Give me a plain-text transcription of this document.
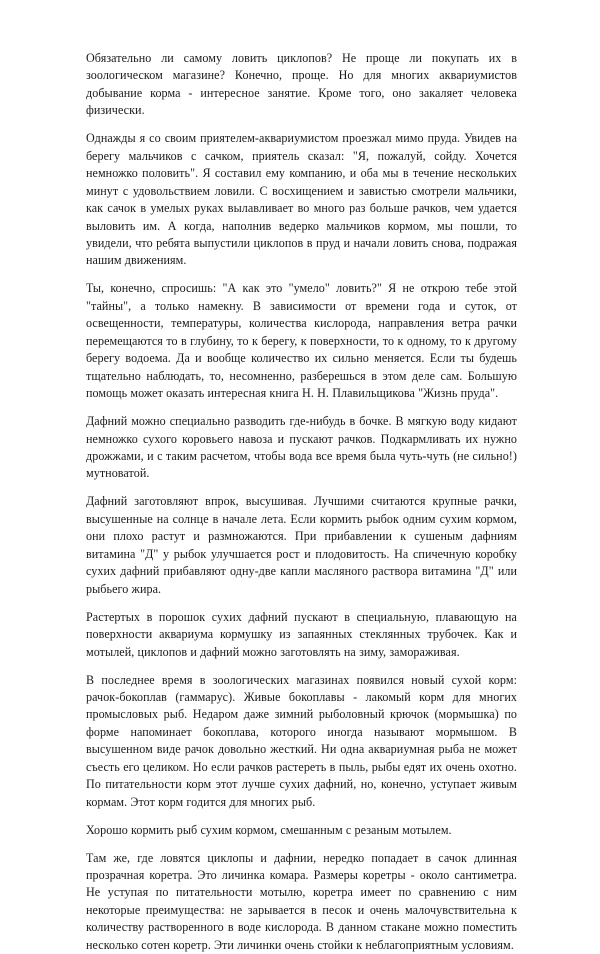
Обязательно ли самому ловить циклопов? Не проще ли покупать их в зоологическом магазине? Конечно, проще. Но для многих аквариумистов добывание корма - интересное занятие. Кроме того, оно закаляет человека физически.

Однажды я со своим приятелем-аквариумистом проезжал мимо пруда. Увидев на берегу мальчиков с сачком, приятель сказал: "Я, пожалуй, сойду. Хочется немножко половить". Я составил ему компанию, и оба мы в течение нескольких минут с удовольствием ловили. С восхищением и завистью смотрели мальчики, как сачок в умелых руках вылавливает во много раз больше рачков, чем удается выловить им. А когда, наполнив ведерко мальчиков кормом, мы пошли, то увидели, что ребята выпустили циклопов в пруд и начали ловить снова, подражая нашим движениям.

Ты, конечно, спросишь: "А как это "умело" ловить?" Я не открою тебе этой "тайны", а только намекну. В зависимости от времени года и суток, от освещенности, температуры, количества кислорода, направления ветра рачки перемещаются то в глубину, то к берегу, к поверхности, то к одному, то к другому берегу водоема. Да и вообще количество их сильно меняется. Если ты будешь тщательно наблюдать, то, несомненно, разберешься в этом деле сам. Большую помощь может оказать интересная книга Н. Н. Плавильщикова "Жизнь пруда".

Дафний можно специально разводить где-нибудь в бочке. В мягкую воду кидают немножко сухого коровьего навоза и пускают рачков. Подкармливать их нужно дрожжами, и с таким расчетом, чтобы вода все время была чуть-чуть (не сильно!) мутноватой.

Дафний заготовляют впрок, высушивая. Лучшими считаются крупные рачки, высушенные на солнце в начале лета. Если кормить рыбок одним сухим кормом, они плохо растут и размножаются. При прибавлении к сушеным дафниям витамина "Д" у рыбок улучшается рост и плодовитость. На спичечную коробку сухих дафний прибавляют одну-две капли масляного раствора витамина "Д" или рыбьего жира.

Растертых в порошок сухих дафний пускают в специальную, плавающую на поверхности аквариума кормушку из запаянных стеклянных трубочек. Как и мотылей, циклопов и дафний можно заготовлять на зиму, замораживая.

В последнее время в зоологических магазинах появился новый сухой корм: рачок-бокоплав (гаммарус). Живые бокоплавы - лакомый корм для многих промысловых рыб. Недаром даже зимний рыболовный крючок (мормышка) по форме напоминает бокоплава, которого иногда называют мормышом. В высушенном виде рачок довольно жесткий. Ни одна аквариумная рыба не может съесть его целиком. Но если рачков растереть в пыль, рыбы едят их очень охотно. По питательности корм этот лучше сухих дафний, но, конечно, уступает живым кормам. Этот корм годится для многих рыб.

Хорошо кормить рыб сухим кормом, смешанным с резаным мотылем.

Там же, где ловятся циклопы и дафнии, нередко попадает в сачок длинная прозрачная коретра. Это личинка комара. Размеры коретры - около сантиметра. Не уступая по питательности мотылю, коретра имеет по сравнению с ним некоторые преимущества: не зарывается в песок и очень малочувствительна к количеству растворенного в воде кислорода. В данном стакане можно поместить несколько сотен коретр. Эти личинки очень стойки к неблагоприятным условиям.
